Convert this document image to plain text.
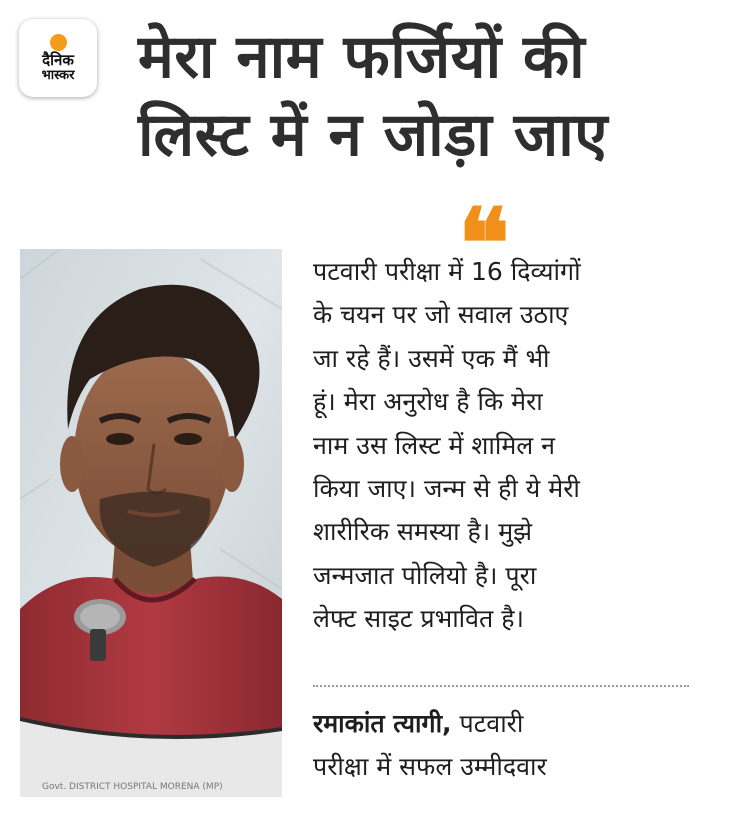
दैनिक
भास्कर मेरा नाम फर्जियों की
लिस्ट में न जोड़ा जाए
❝
Govt. DISTRICT HOSPITAL MORENA (MP)
पटवारी परीक्षा में 16 दिव्यांगों
के चयन पर जो सवाल उठाए
जा रहे हैं। उसमें एक मैं भी
हूं। मेरा अनुरोध है कि मेरा
नाम उस लिस्ट में शामिल न
किया जाए। जन्म से ही ये मेरी
शारीरिक समस्या है। मुझे
जन्मजात पोलियो है। पूरा
लेफ्ट साइट प्रभावित है।
रमाकांत त्यागी, पटवारी
परीक्षा में सफल उम्मीदवार
